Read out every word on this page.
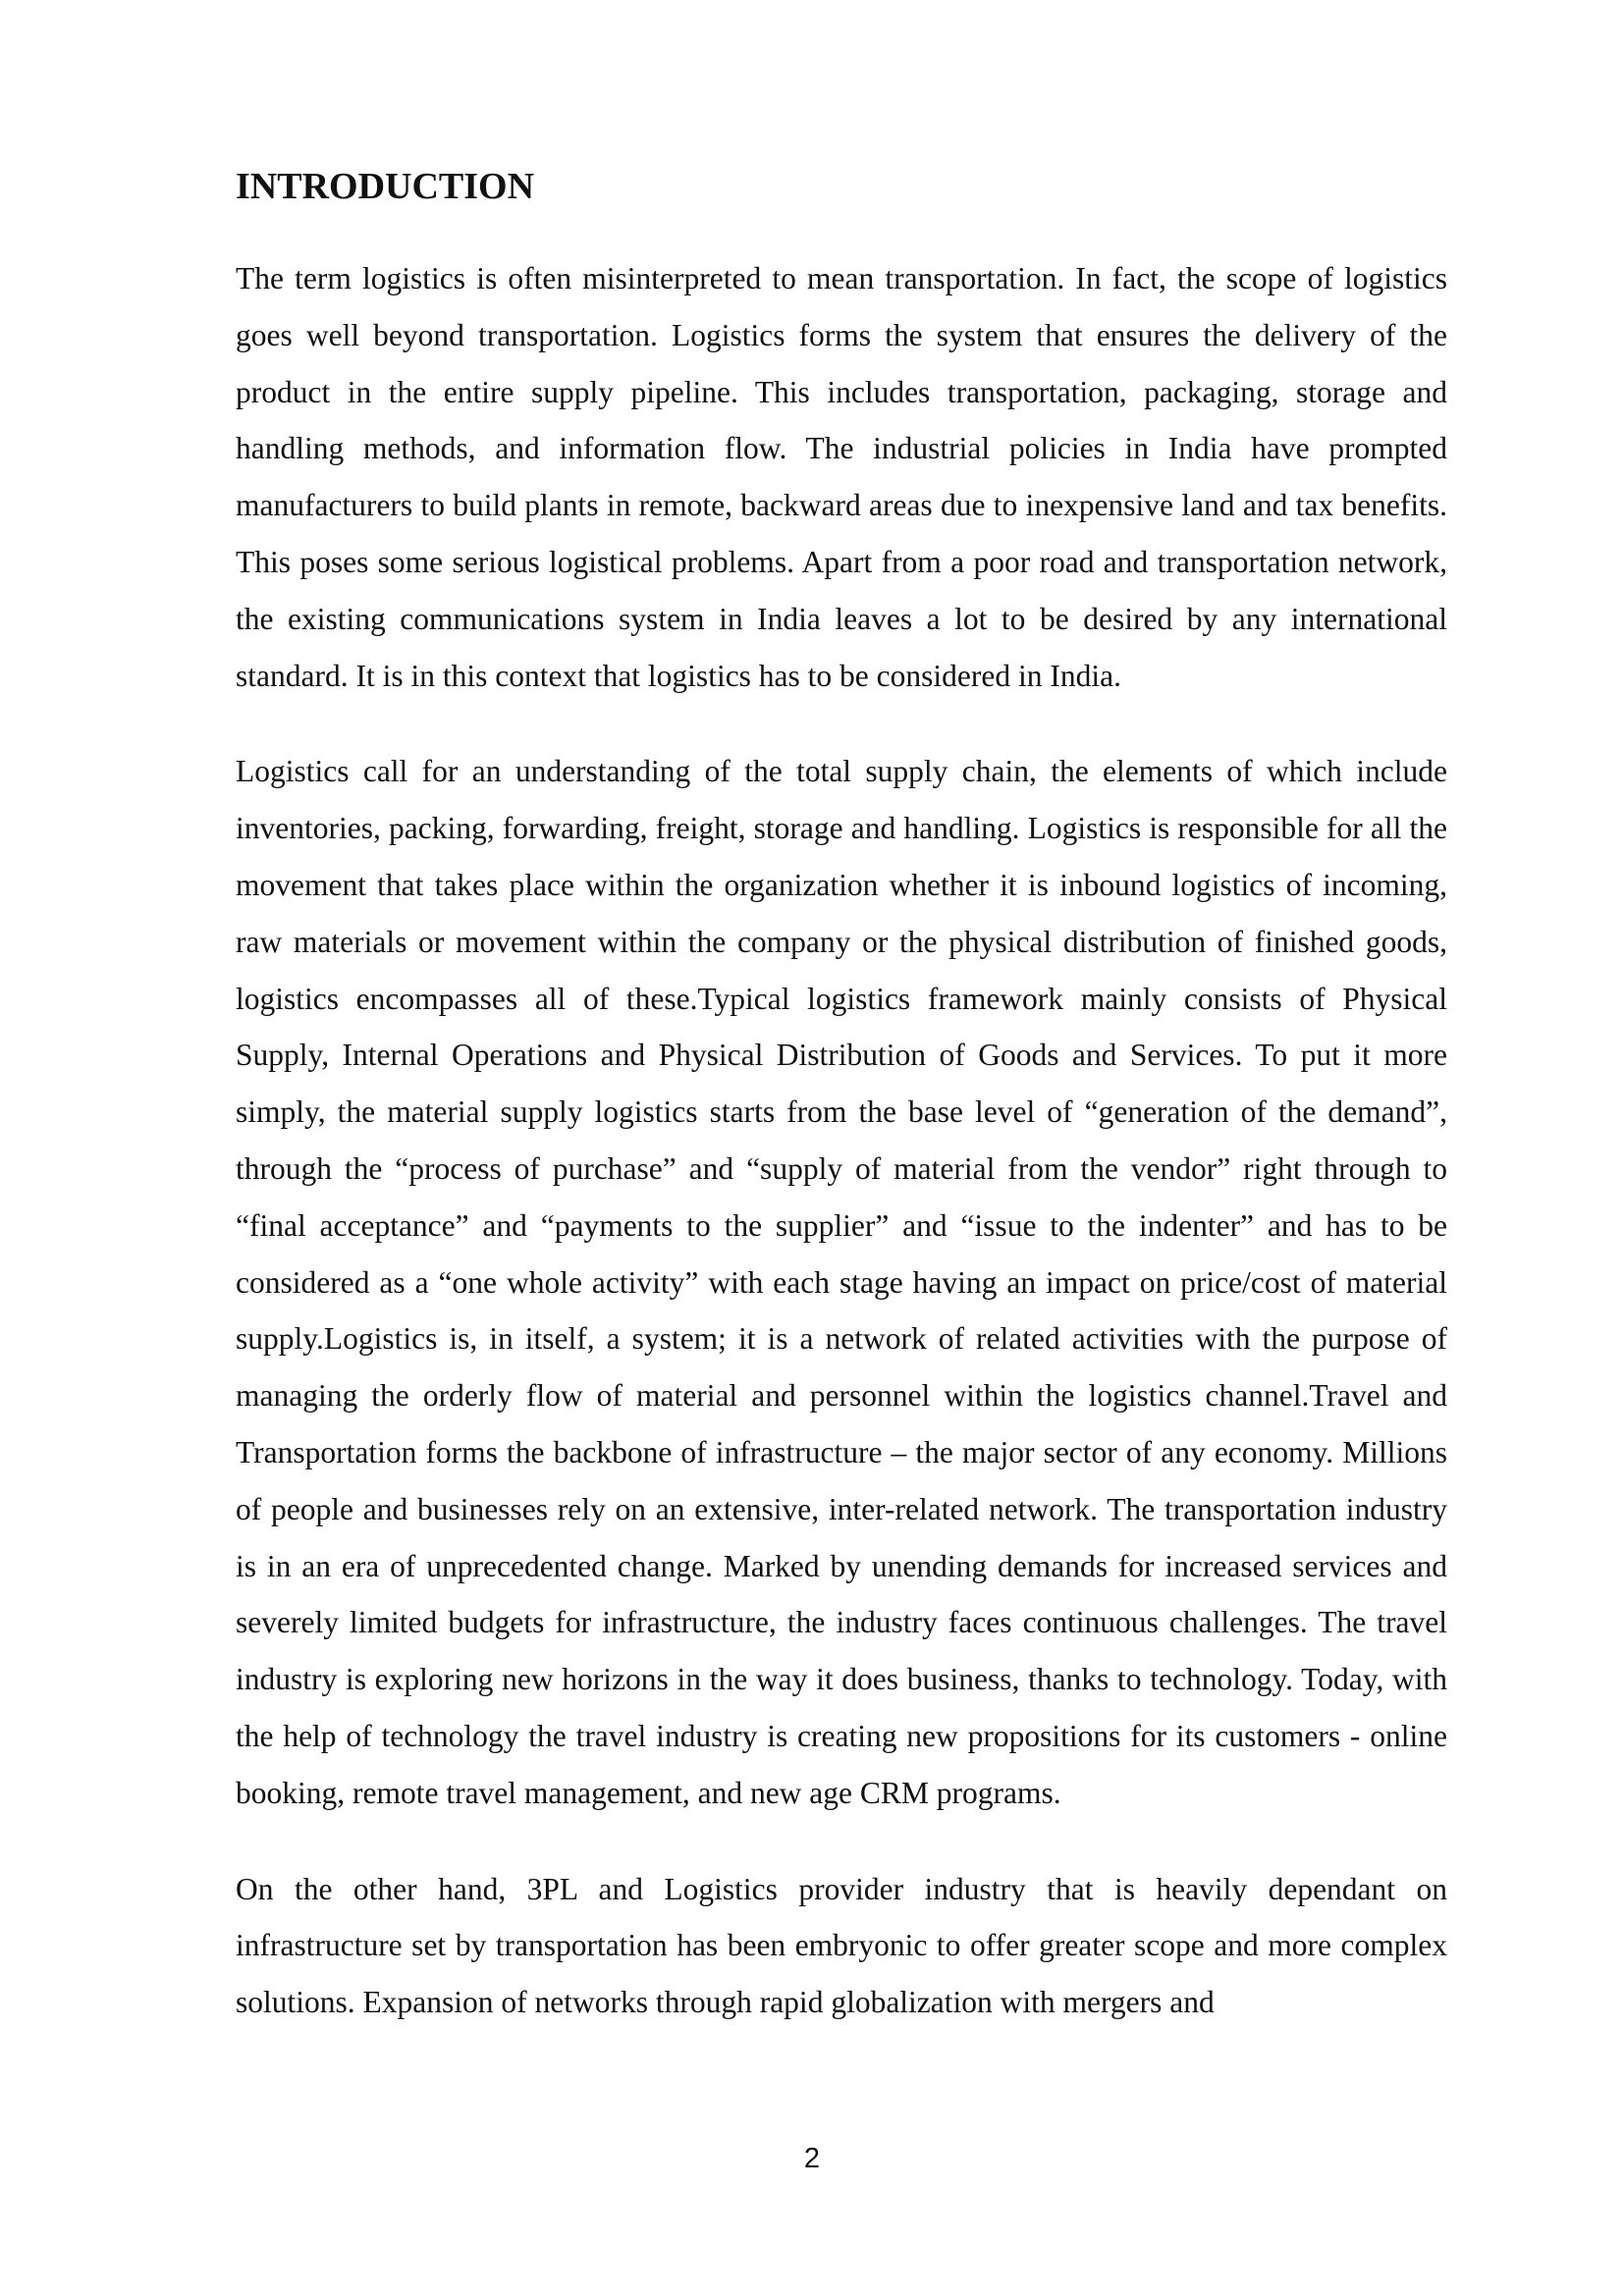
INTRODUCTION

The term logistics is often misinterpreted to mean transportation. In fact, the scope of logistics goes well beyond transportation. Logistics forms the system that ensures the delivery of the product in the entire supply pipeline. This includes transportation, packaging, storage and handling methods, and information flow. The industrial policies in India have prompted manufacturers to build plants in remote, backward areas due to inexpensive land and tax benefits. This poses some serious logistical problems. Apart from a poor road and transportation network, the existing communications system in India leaves a lot to be desired by any international standard. It is in this context that logistics has to be considered in India.

Logistics call for an understanding of the total supply chain, the elements of which include inventories, packing, forwarding, freight, storage and handling. Logistics is responsible for all the movement that takes place within the organization whether it is inbound logistics of incoming, raw materials or movement within the company or the physical distribution of finished goods, logistics encompasses all of these.Typical logistics framework mainly consists of Physical Supply, Internal Operations and Physical Distribution of Goods and Services. To put it more simply, the material supply logistics starts from the base level of “generation of the demand”, through the “process of purchase” and “supply of material from the vendor” right through to “final acceptance” and “payments to the supplier” and “issue to the indenter” and has to be considered as a “one whole activity” with each stage having an impact on price/cost of material supply.Logistics is, in itself, a system; it is a network of related activities with the purpose of managing the orderly flow of material and personnel within the logistics channel.Travel and Transportation forms the backbone of infrastructure – the major sector of any economy. Millions of people and businesses rely on an extensive, inter-related network. The transportation industry is in an era of unprecedented change. Marked by unending demands for increased services and severely limited budgets for infrastructure, the industry faces continuous challenges. The travel industry is exploring new horizons in the way it does business, thanks to technology. Today, with the help of technology the travel industry is creating new propositions for its customers - online booking, remote travel management, and new age CRM programs.

On the other hand, 3PL and Logistics provider industry that is heavily dependant on infrastructure set by transportation has been embryonic to offer greater scope and more complex solutions. Expansion of networks through rapid globalization with mergers and

2
